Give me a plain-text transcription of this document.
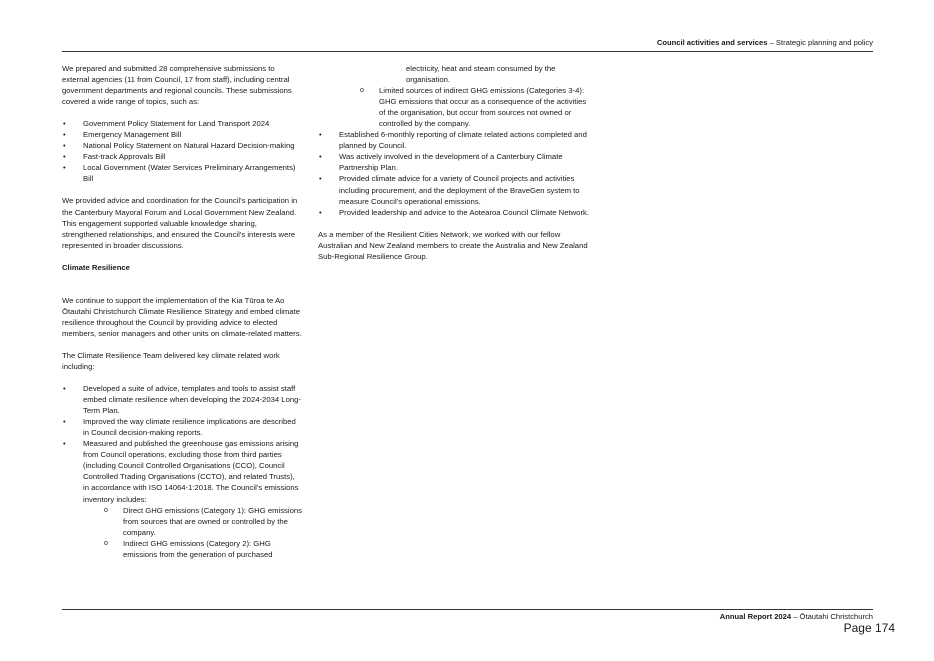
Council activities and services – Strategic planning and policy

We prepared and submitted 28 comprehensive submissions to external agencies (11 from Council, 17 from staff), including central government departments and regional councils. These submissions covered a wide range of topics, such as:

• Government Policy Statement for Land Transport 2024
• Emergency Management Bill
• National Policy Statement on Natural Hazard Decision-making
• Fast-track Approvals Bill
• Local Government (Water Services Preliminary Arrangements) Bill

We provided advice and coordination for the Council’s participation in the Canterbury Mayoral Forum and Local Government New Zealand. This engagement supported valuable knowledge sharing, strengthened relationships, and ensured the Council’s interests were represented in broader discussions.

Climate Resilience

We continue to support the implementation of the Kia Tūroa te Ao Ōtautahi Christchurch Climate Resilience Strategy and embed climate resilience throughout the Council by providing advice to elected members, senior managers and other units on climate-related matters.

The Climate Resilience Team delivered key climate related work including:

• Developed a suite of advice, templates and tools to assist staff embed climate resilience when developing the 2024-2034 Long-Term Plan.
• Improved the way climate resilience implications are described in Council decision-making reports.
• Measured and published the greenhouse gas emissions arising from Council operations, excluding those from third parties (including Council Controlled Organisations (CCO), Council Controlled Trading Organisations (CCTO), and related Trusts), in accordance with ISO 14064-1:2018. The Council’s emissions inventory includes:
o Direct GHG emissions (Category 1): GHG emissions from sources that are owned or controlled by the company.
o Indirect GHG emissions (Category 2): GHG emissions from the generation of purchased

electricity, heat and steam consumed by the organisation.

o Limited sources of indirect GHG emissions (Categories 3-4): GHG emissions that occur as a consequence of the activities of the organisation, but occur from sources not owned or controlled by the company.
• Established 6-monthly reporting of climate related actions completed and planned by Council.
• Was actively involved in the development of a Canterbury Climate Partnership Plan.
• Provided climate advice for a variety of Council projects and activities including procurement, and the deployment of the BraveGen system to measure Council’s operational emissions.
• Provided leadership and advice to the Aotearoa Council Climate Network.

As a member of the Resilient Cities Network, we worked with our fellow Australian and New Zealand members to create the Australia and New Zealand Sub-Regional Resilience Group.

Annual Report 2024 – Ōtautahi Christchurch
Page 174
